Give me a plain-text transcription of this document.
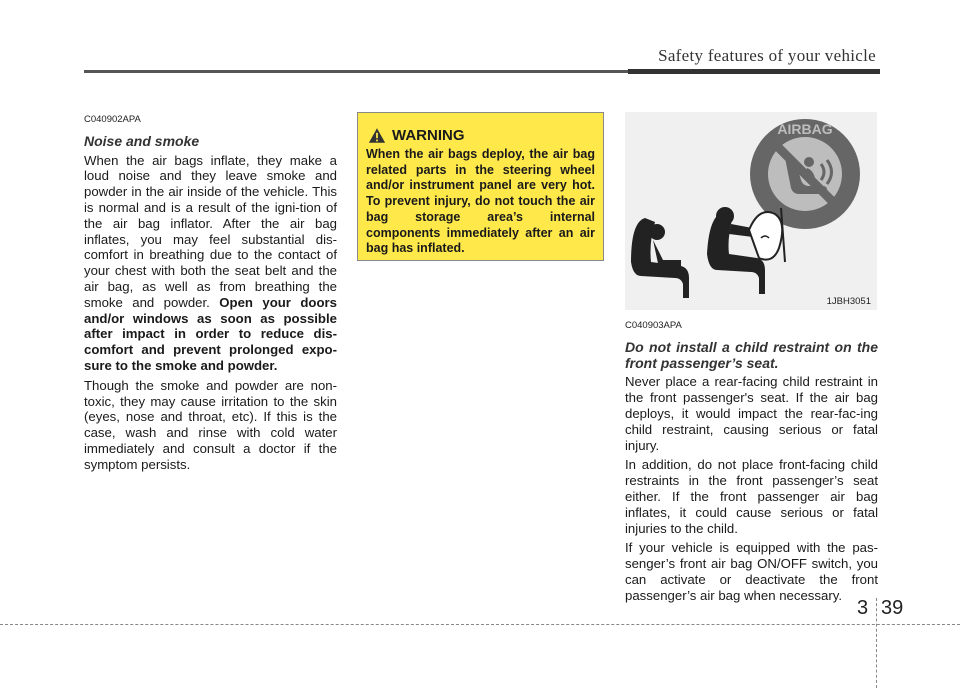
Safety features of your vehicle

C040902APA

Noise and smoke

When the air bags inflate, they make a loud noise and they leave smoke and powder in the air inside of the vehicle. This is normal and is a result of the igni-tion of the air bag inflator. After the air bag inflates, you may feel substantial dis-comfort in breathing due to the contact of your chest with both the seat belt and the air bag, as well as from breathing the smoke and powder. Open your doors and/or windows as soon as possible after impact in order to reduce dis-comfort and prevent prolonged expo-sure to the smoke and powder.

Though the smoke and powder are non-toxic, they may cause irritation to the skin (eyes, nose and throat, etc). If this is the case, wash and rinse with cold water immediately and consult a doctor if the symptom persists.

WARNING

When the air bags deploy, the air bag related parts in the steering wheel and/or instrument panel are very hot. To prevent injury, do not touch the air bag storage area’s internal components immediately after an air bag has inflated.

AIRBAG
1JBH3051

C040903APA

Do not install a child restraint on the front passenger’s seat.

Never place a rear-facing child restraint in the front passenger's seat. If the air bag deploys, it would impact the rear-fac-ing child restraint, causing serious or fatal injury.

In addition, do not place front-facing child restraints in the front passenger’s seat either. If the front passenger air bag inflates, it could cause serious or fatal injuries to the child.

If your vehicle is equipped with the pas-senger’s front air bag ON/OFF switch, you can activate or deactivate the front passenger’s air bag when necessary.

3 39
